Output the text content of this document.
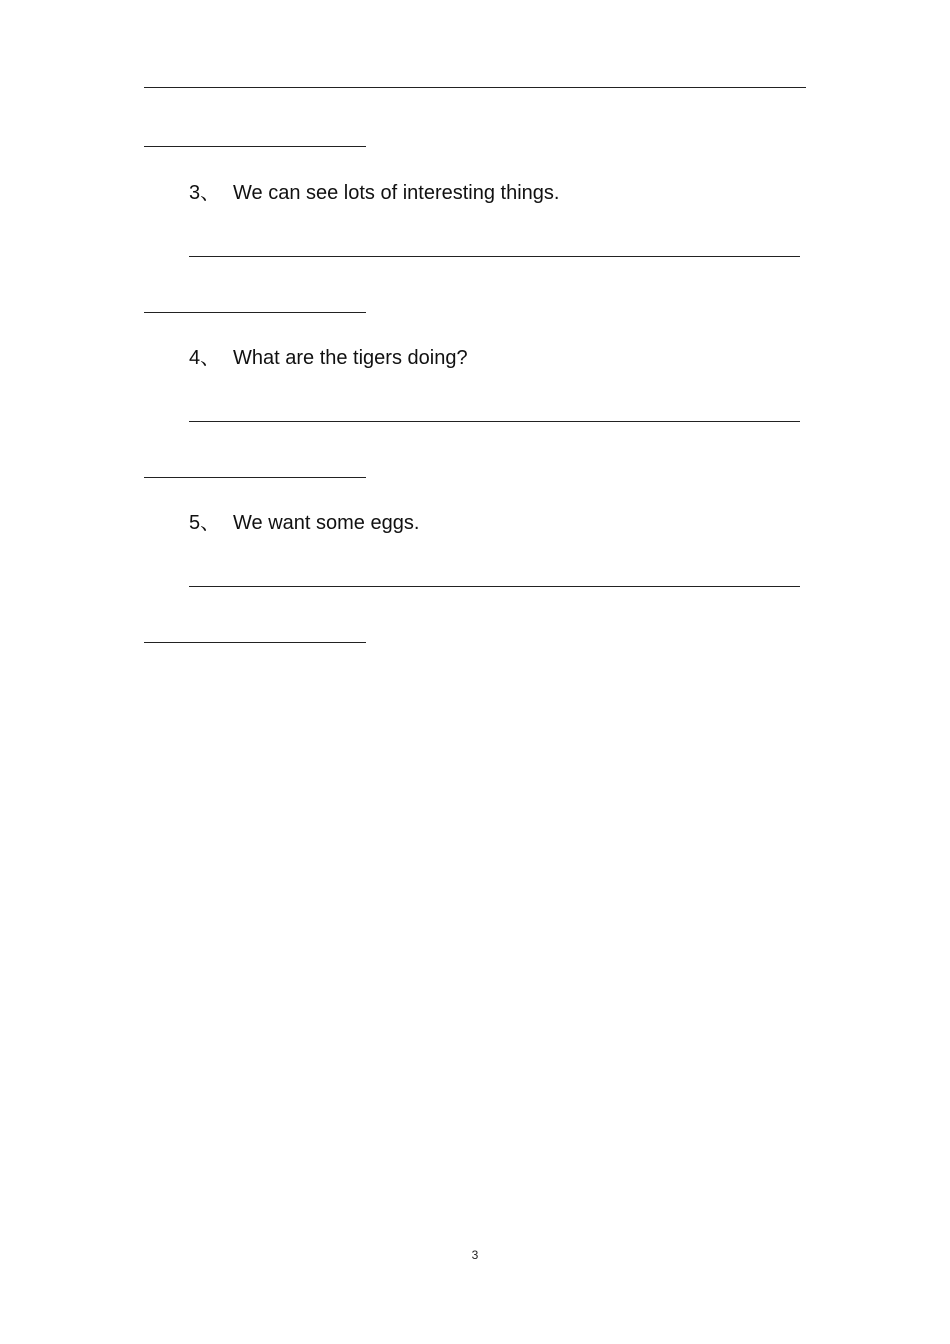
3、 We can see lots of interesting things.
4、 What are the tigers doing?
5、 We want some eggs.
3
